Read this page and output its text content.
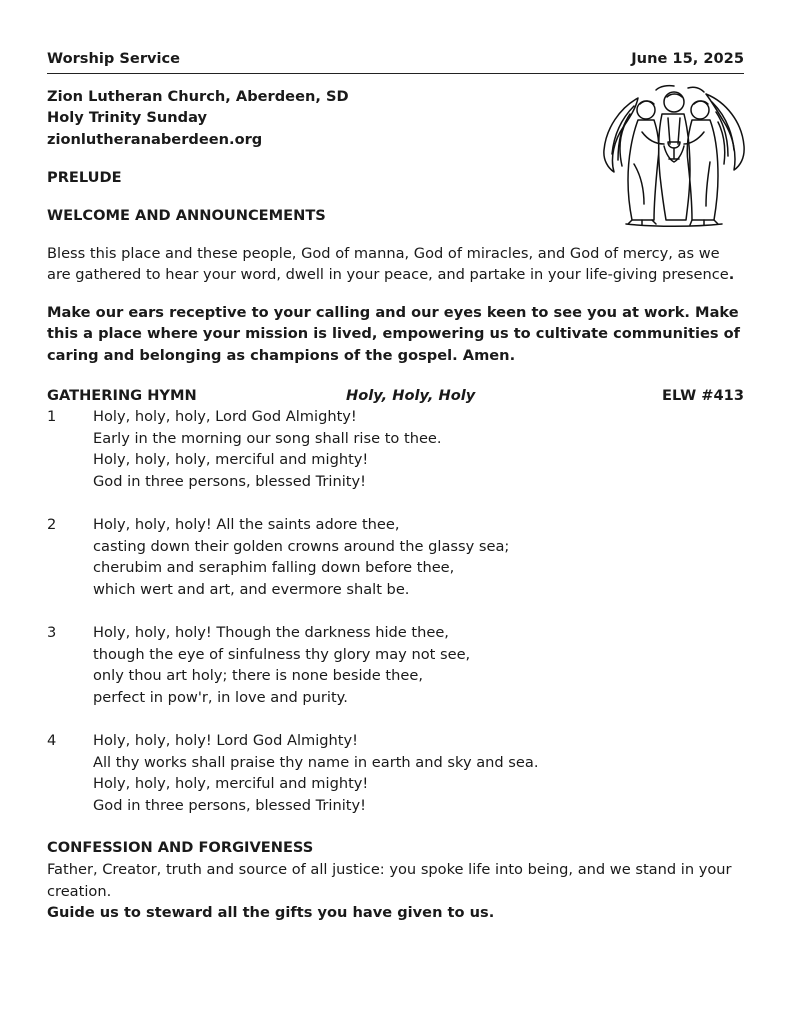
Worship Service	June 15, 2025
Zion Lutheran Church, Aberdeen, SD
Holy Trinity Sunday
zionlutheranaberdeen.org
PRELUDE
WELCOME AND ANNOUNCEMENTS
Bless this place and these people, God of manna, God of miracles, and God of mercy, as we are gathered to hear your word, dwell in your peace, and partake in your life-giving presence.
Make our ears receptive to your calling and our eyes keen to see you at work. Make this a place where your mission is lived, empowering us to cultivate communities of caring and belonging as champions of the gospel. Amen.
GATHERING HYMN	Holy, Holy, Holy	ELW #413
1	Holy, holy, holy, Lord God Almighty!
Early in the morning our song shall rise to thee.
Holy, holy, holy, merciful and mighty!
God in three persons, blessed Trinity!
2	Holy, holy, holy! All the saints adore thee,
casting down their golden crowns around the glassy sea;
cherubim and seraphim falling down before thee,
which wert and art, and evermore shalt be.
3	Holy, holy, holy! Though the darkness hide thee,
though the eye of sinfulness thy glory may not see,
only thou art holy; there is none beside thee,
perfect in pow'r, in love and purity.
4	Holy, holy, holy! Lord God Almighty!
All thy works shall praise thy name in earth and sky and sea.
Holy, holy, holy, merciful and mighty!
God in three persons, blessed Trinity!
CONFESSION AND FORGIVENESS
Father, Creator, truth and source of all justice: you spoke life into being, and we stand in your creation.
Guide us to steward all the gifts you have given to us.
